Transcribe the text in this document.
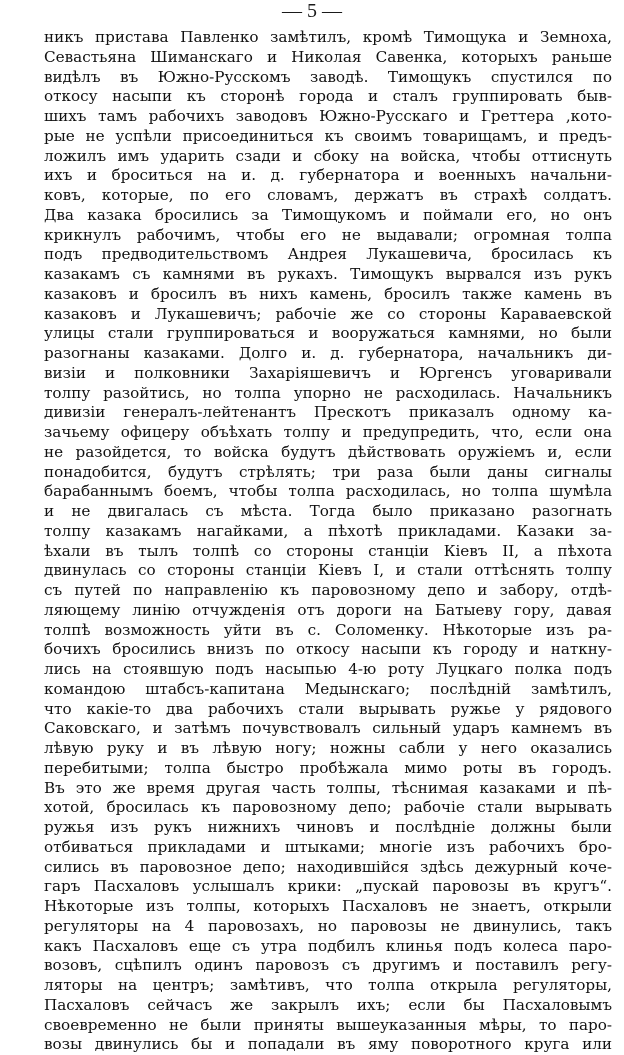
— 5 —
никъ пристава Павленко замѣтилъ, кромѣ Тимощука и Земноха,
Севастьяна Шиманскаго и Николая Савенка, которыхъ раньше
видѣлъ въ Южно-Русскомъ заводѣ. Тимощукъ спустился по
откосу насыпи къ сторонѣ города и сталъ группировать быв-
шихъ тамъ рабочихъ заводовъ Южно-Русскаго и Греттера ,кото-
рые не успѣли присоединиться къ своимъ товарищамъ, и предъ-
ложилъ имъ ударить сзади и сбоку на войска, чтобы оттиснуть
ихъ и броситься на и. д. губернатора и военныхъ начальни-
ковъ, которые, по его словамъ, держатъ въ страхѣ солдатъ.
Два казака бросились за Тимощукомъ и поймали его, но онъ
крикнулъ рабочимъ, чтобы его не выдавали; огромная толпа
подъ предводительствомъ Андрея Лукашевича, бросилась къ
казакамъ съ камнями въ рукахъ. Тимощукъ вырвался изъ рукъ
казаковъ и бросилъ въ нихъ камень, бросилъ также камень въ
казаковъ и Лукашевичъ; рабочіе же со стороны Караваевской
улицы стали группироваться и вооружаться камнями, но были
разогнаны казаками. Долго и. д. губернатора, начальникъ ди-
визіи и полковники Захаріяшевичъ и Юргенсъ уговаривали
толпу разойтись, но толпа упорно не расходилась. Начальникъ
дивизіи генералъ-лейтенантъ Прескотъ приказалъ одному ка-
зачьему офицеру объѣхать толпу и предупредить, что, если она
не разойдется, то войска будутъ дѣйствовать оружіемъ и, если
понадобится, будутъ стрѣлять; три раза были даны сигналы
барабаннымъ боемъ, чтобы толпа расходилась, но толпа шумѣла
и не двигалась съ мѣста. Тогда было приказано разогнать
толпу казакамъ нагайками, а пѣхотѣ прикладами. Казаки за-
ѣхали въ тылъ толпѣ со стороны станціи Кіевъ II, а пѣхота
двинулась со стороны станціи Кіевъ I, и стали оттѣснять толпу
съ путей по направленію къ паровозному депо и забору, отдѣ-
ляющему линію отчужденія отъ дороги на Батыеву гору, давая
толпѣ возможность уйти въ с. Соломенку. Нѣкоторые изъ ра-
бочихъ бросились внизъ по откосу насыпи къ городу и наткну-
лись на стоявшую подъ насыпью 4-ю роту Луцкаго полка подъ
командою штабсъ-капитана Медынскаго; послѣдній замѣтилъ,
что какіе-то два рабочихъ стали вырывать ружье у рядового
Саковскаго, и затѣмъ почувствовалъ сильный ударъ камнемъ въ
лѣвую руку и въ лѣвую ногу; ножны сабли у него оказались
перебитыми; толпа быстро пробѣжала мимо роты въ городъ.
Въ это же время другая часть толпы, тѣснимая казаками и пѣ-
хотой, бросилась къ паровозному депо; рабочіе стали вырывать
ружья изъ рукъ нижнихъ чиновъ и послѣдніе должны были
отбиваться прикладами и штыками; многіе изъ рабочихъ бро-
сились въ паровозное депо; находившійся здѣсь дежурный коче-
гаръ Пасхаловъ услышалъ крики: „пускай паровозы въ кругъ“.
Нѣкоторые изъ толпы, которыхъ Пасхаловъ не знаетъ, открыли
регуляторы на 4 паровозахъ, но паровозы не двинулись, такъ
какъ Пасхаловъ еще съ утра подбилъ клинья подъ колеса паро-
возовъ, сцѣпилъ одинъ паровозъ съ другимъ и поставилъ регу-
ляторы на центръ; замѣтивъ, что толпа открыла регуляторы,
Пасхаловъ сейчасъ же закрылъ ихъ; если бы Пасхаловымъ
своевременно не были приняты вышеуказанныя мѣры, то паро-
возы двинулись бы и попадали въ яму поворотного круга или
